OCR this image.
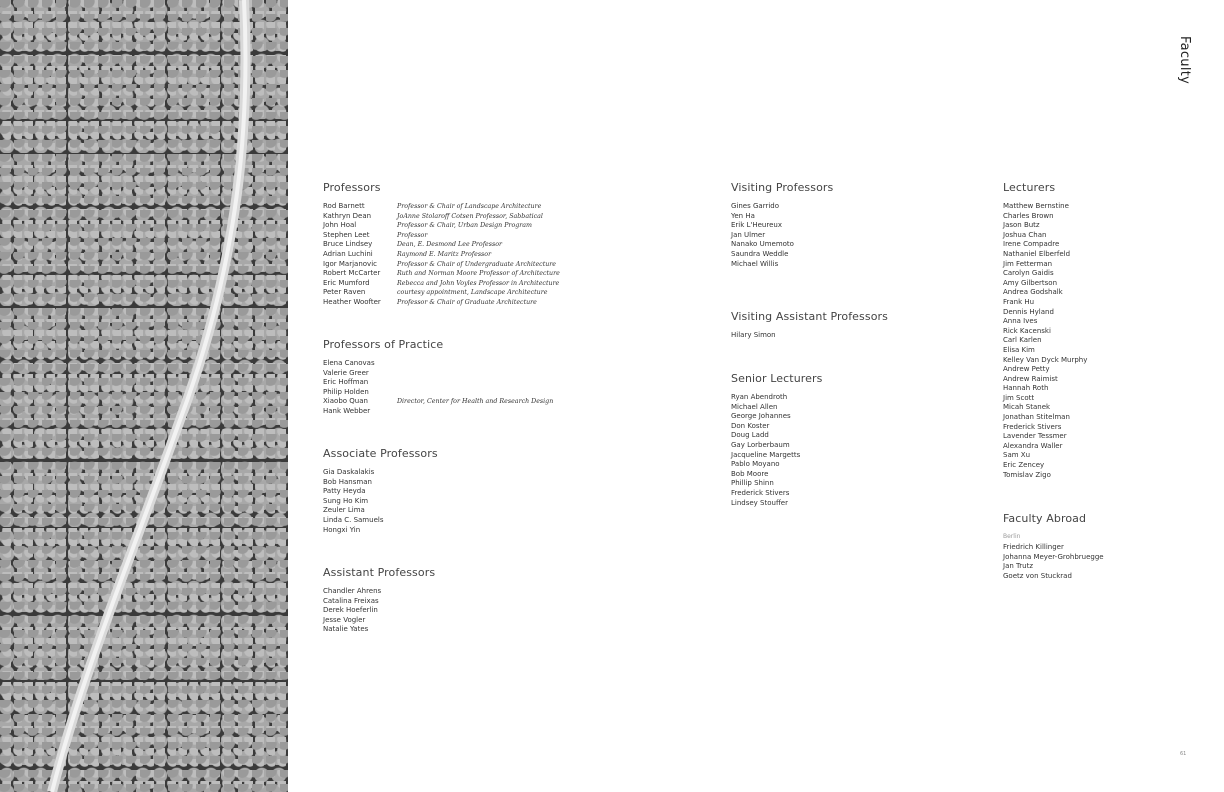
Faculty
Professors
Rod Barnett	Professor & Chair of Landscape Architecture
Kathryn Dean	JoAnne Stolaroff Cotsen Professor, Sabbatical
John Hoal	Professor & Chair, Urban Design Program
Stephen Leet	Professor
Bruce Lindsey	Dean, E. Desmond Lee Professor
Adrian Luchini	Raymond E. Maritz Professor
Igor Marjanovic	Professor & Chair of Undergraduate Architecture
Robert McCarter	Ruth and Norman Moore Professor of Architecture
Eric Mumford	Rebecca and John Voyles Professor in Architecture
Peter Raven	courtesy appointment, Landscape Architecture
Heather Woofter	Professor & Chair of Graduate Architecture
Professors of Practice
Elena Canovas
Valerie Greer
Eric Hoffman
Philip Holden
Xiaobo Quan	Director, Center for Health and Research Design
Hank Webber
Associate Professors
Gia Daskalakis
Bob Hansman
Patty Heyda
Sung Ho Kim
Zeuler Lima
Linda C. Samuels
Hongxi Yin
Assistant Professors
Chandler Ahrens
Catalina Freixas
Derek Hoeferlin
Jesse Vogler
Natalie Yates
Visiting Professors
Gines Garrido
Yen Ha
Erik L'Heureux
Jan Ulmer
Nanako Umemoto
Saundra Weddle
Michael Willis
Visiting Assistant Professors
Hilary Simon
Senior Lecturers
Ryan Abendroth
Michael Allen
George Johannes
Don Koster
Doug Ladd
Gay Lorberbaum
Jacqueline Margetts
Pablo Moyano
Bob Moore
Phillip Shinn
Frederick Stivers
Lindsey Stouffer
Lecturers
Matthew Bernstine
Charles Brown
Jason Butz
Joshua Chan
Irene Compadre
Nathaniel Elberfeld
Jim Fetterman
Carolyn Gaidis
Amy Gilbertson
Andrea Godshalk
Frank Hu
Dennis Hyland
Anna Ives
Rick Kacenski
Carl Karlen
Elisa Kim
Kelley Van Dyck Murphy
Andrew Petty
Andrew Raimist
Hannah Roth
Jim Scott
Micah Stanek
Jonathan Stitelman
Frederick Stivers
Lavender Tessmer
Alexandra Waller
Sam Xu
Eric Zencey
Tomislav Zigo
Faculty Abroad
Berlin
Friedrich Killinger
Johanna Meyer-Grohbruegge
Jan Trutz
Goetz von Stuckrad
61
